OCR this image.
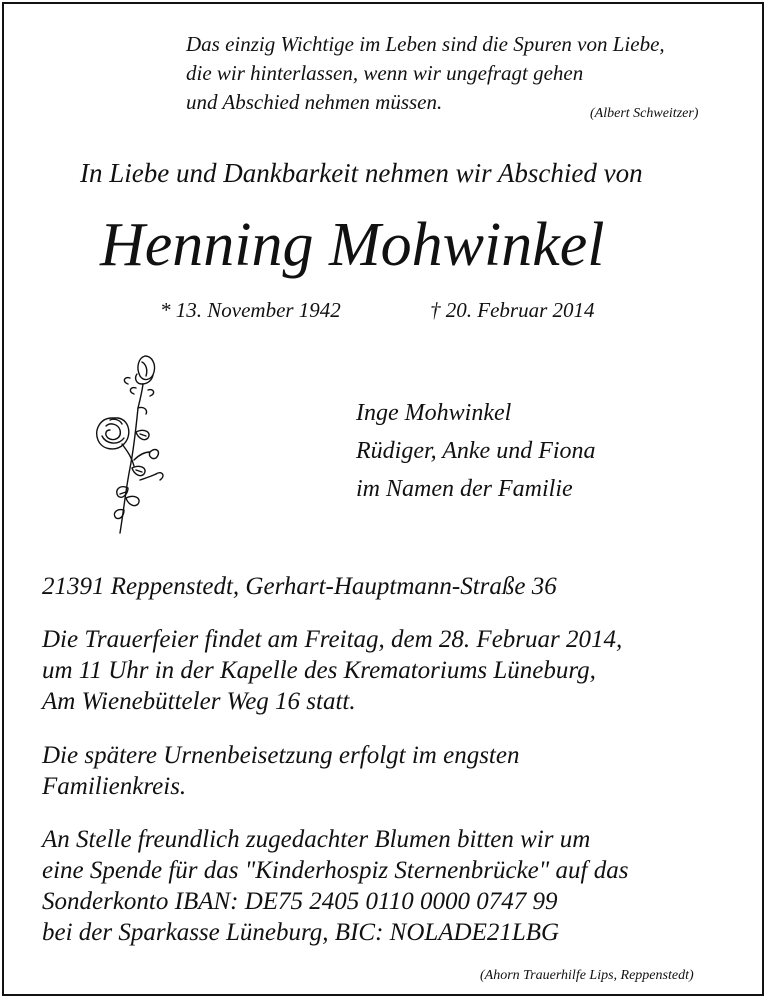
Das einzig Wichtige im Leben sind die Spuren von Liebe,
die wir hinterlassen, wenn wir ungefragt gehen
und Abschied nehmen müssen.	(Albert Schweitzer)
In Liebe und Dankbarkeit nehmen wir Abschied von
Henning Mohwinkel
* 13. November 1942	† 20. Februar 2014
Inge Mohwinkel
Rüdiger, Anke und Fiona
im Namen der Familie
21391 Reppenstedt, Gerhart-Hauptmann-Straße 36
Die Trauerfeier findet am Freitag, dem 28. Februar 2014,
um 11 Uhr in der Kapelle des Krematoriums Lüneburg,
Am Wienebütteler Weg 16 statt.
Die spätere Urnenbeisetzung erfolgt im engsten
Familienkreis.
An Stelle freundlich zugedachter Blumen bitten wir um
eine Spende für das "Kinderhospiz Sternenbrücke" auf das
Sonderkonto IBAN: DE75 2405 0110 0000 0747 99
bei der Sparkasse Lüneburg, BIC: NOLADE21LBG
(Ahorn Trauerhilfe Lips, Reppenstedt)
